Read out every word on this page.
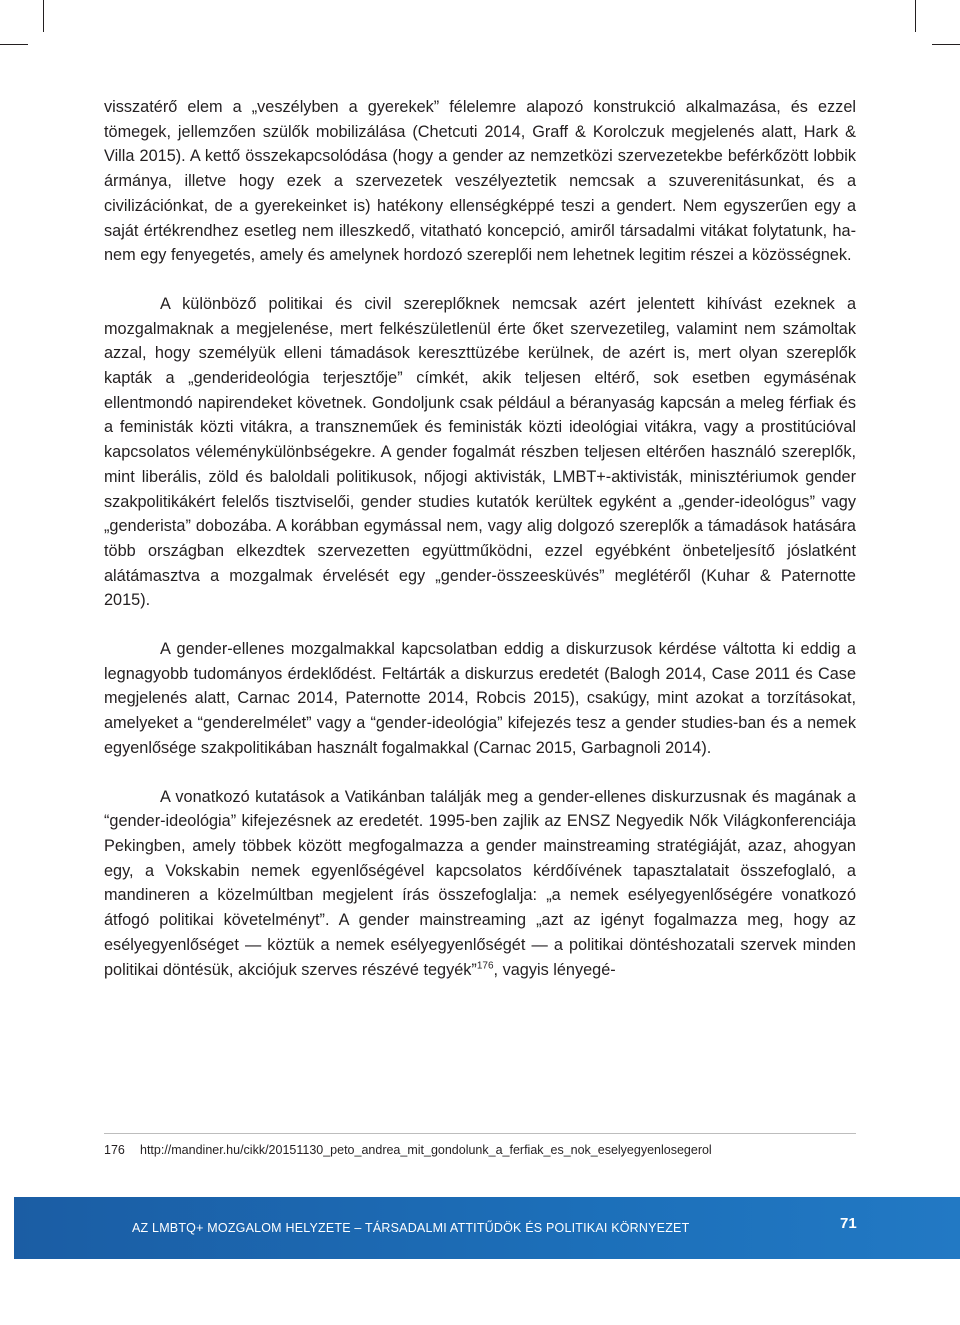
visszatérő elem a „veszélyben a gyerekek” félelemre alapozó konstrukció alkalmazása, és ezzel tömegek, jellemzően szülők mobilizálása (Chetcuti 2014, Graff & Korolczuk megjelenés alatt, Hark & Villa 2015). A kettő összekapcsolódása (hogy a gender az nemzetközi szervezetekbe beférkőzött lobbik ármánya, illetve hogy ezek a szervezetek veszélyeztetik nemcsak a szuverenitásunkat, és a civilizációnkat, de a gyerekeinket is) hatékony ellenségképpé teszi a gendert. Nem egyszerűen egy a saját értékrendhez esetleg nem illeszkedő, vitatható koncepció, amiről társadalmi vitákat folytatunk, hanem egy fenyegetés, amely és amelynek hordozó szereplői nem lehetnek legitim részei a közösségnek.

A különböző politikai és civil szereplőknek nemcsak azért jelentett kihívást ezeknek a mozgalmaknak a megjelenése, mert felkészületlenül érte őket szervezetileg, valamint nem számoltak azzal, hogy személyük elleni támadások kereszttüzébe kerülnek, de azért is, mert olyan szereplők kapták a „genderideológia terjesztője” címkét, akik teljesen eltérő, sok esetben egymásénak ellentmondó napirendeket követnek. Gondoljunk csak például a béranyaság kapcsán a meleg férfiak és a feministák közti vitákra, a transzneműek és feministák közti ideológiai vitákra, vagy a prostitúcióval kapcsolatos véleménykülönbségekre. A gender fogalmát részben teljesen eltérően használó szereplők, mint liberális, zöld és baloldali politikusok, nőjogi aktivisták, LMBT+-aktivisták, minisztériumok gender szakpolitikákért felelős tisztviselői, gender studies kutatók kerültek egyként a „gender-ideológus” vagy „genderista” dobozába. A korábban egymással nem, vagy alig dolgozó szereplők a támadások hatására több országban elkezdtek szervezetten együttműködni, ezzel egyébként önbeteljesítő jóslatként alátámasztva a mozgalmak érvelését egy „gender-összeesküvés” meglétéről (Kuhar & Paternotte 2015).

A gender-ellenes mozgalmakkal kapcsolatban eddig a diskurzusok kérdése váltotta ki eddig a legnagyobb tudományos érdeklődést. Feltárták a diskurzus eredetét (Balogh 2014, Case 2011 és Case megjelenés alatt, Carnac 2014, Paternotte 2014, Robcis 2015), csakúgy, mint azokat a torzításokat, amelyeket a “genderelmélet” vagy a “gender-ideológia” kifejezés tesz a gender studies-ban és a nemek egyenlősége szakpolitikában használt fogalmakkal (Carnac 2015, Garbagnoli 2014).

A vonatkozó kutatások a Vatikánban találják meg a gender-ellenes diskurzusnak és magának a “gender-ideológia” kifejezésnek az eredetét. 1995-ben zajlik az ENSZ Negyedik Nők Világkonferenciája Pekingben, amely többek között megfogalmazza a gender mainstreaming stratégiáját, azaz, ahogyan egy, a Vokskabin nemek egyenlőségével kapcsolatos kérdőívének tapasztalatait összefoglaló, a mandineren a közelmúltban megjelent írás összefoglalja: „a nemek esélyegyenlőségére vonatkozó átfogó politikai követelményt”. A gender mainstreaming „azt az igényt fogalmazza meg, hogy az esélyegyenlőséget — köztük a nemek esélyegyenlőségét — a politikai döntéshozatali szervek minden politikai döntésük, akciójuk szerves részévé tegyék”$^{176}$, vagyis lényegé-

176 http://mandiner.hu/cikk/20151130_peto_andrea_mit_gondolunk_a_ferfiak_es_nok_eselyegyenlosegerol
AZ LMBTQ+ MOZGALOM HELYZETE – TÁRSADALMI ATTITŰDÖK ÉS POLITIKAI KÖRNYEZET	71
